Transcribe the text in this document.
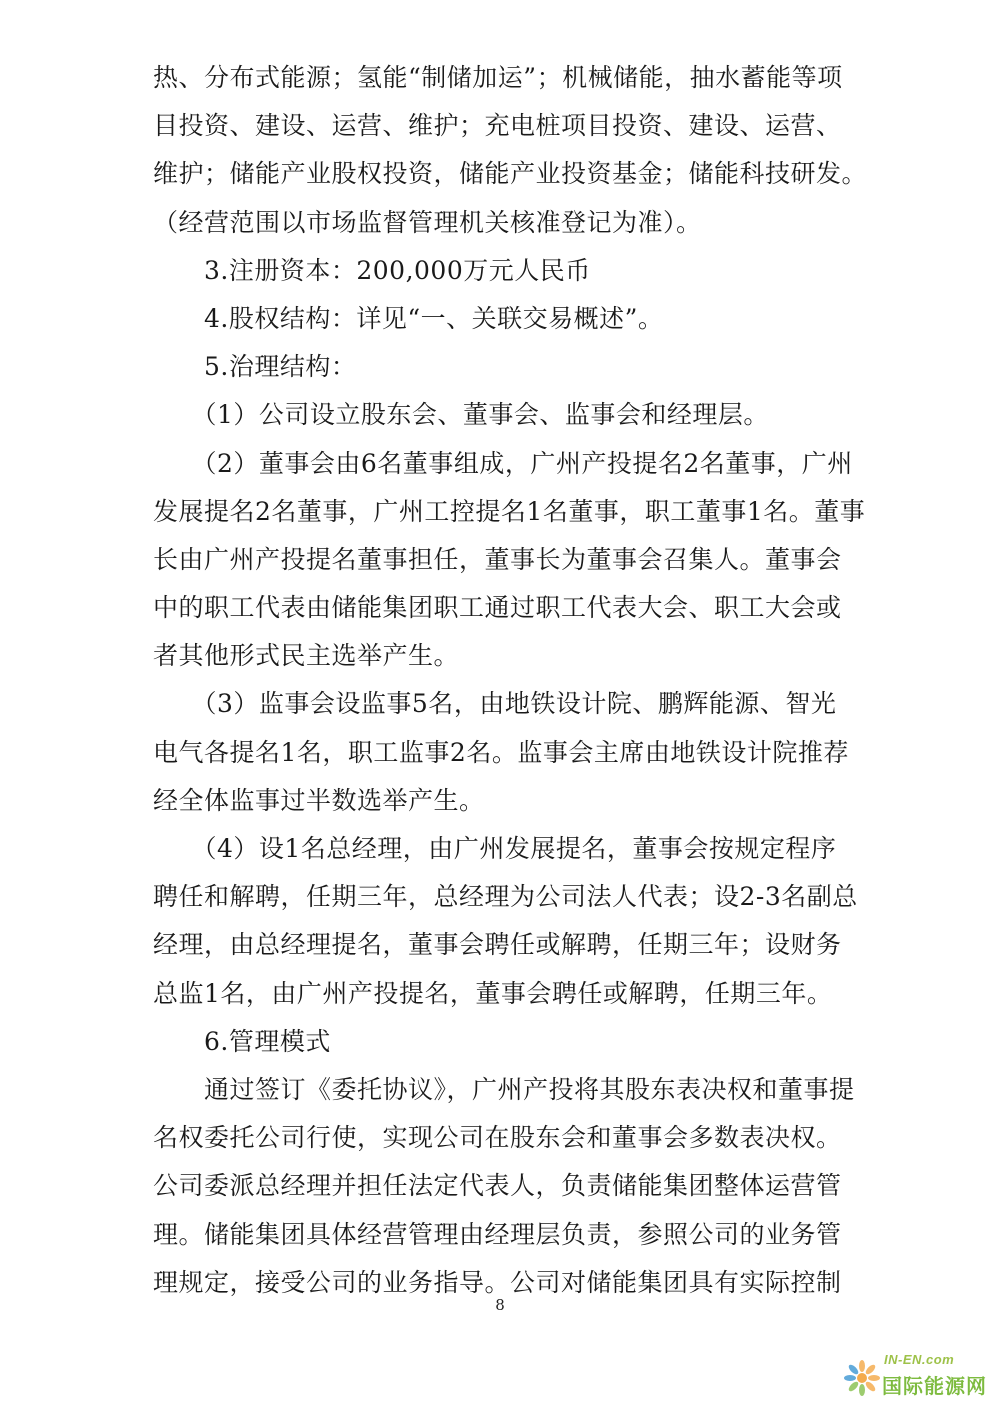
热、分布式能源；氢能“制储加运”；机械储能，抽水蓄能等项
目投资、建设、运营、维护；充电桩项目投资、建设、运营、
维护；储能产业股权投资，储能产业投资基金；储能科技研发。
（经营范围以市场监督管理机关核准登记为准）。
　　3.注册资本：200,000万元人民币
　　4.股权结构：详见“一、关联交易概述”。
　　5.治理结构：
　　（1）公司设立股东会、董事会、监事会和经理层。
　　（2）董事会由6名董事组成，广州产投提名2名董事，广州
发展提名2名董事，广州工控提名1名董事，职工董事1名。董事
长由广州产投提名董事担任，董事长为董事会召集人。董事会
中的职工代表由储能集团职工通过职工代表大会、职工大会或
者其他形式民主选举产生。
　　（3）监事会设监事5名，由地铁设计院、鹏辉能源、智光
电气各提名1名，职工监事2名。监事会主席由地铁设计院推荐
经全体监事过半数选举产生。
　　（4）设1名总经理，由广州发展提名，董事会按规定程序
聘任和解聘，任期三年，总经理为公司法人代表；设2-3名副总
经理，由总经理提名，董事会聘任或解聘，任期三年；设财务
总监1名，由广州产投提名，董事会聘任或解聘，任期三年。
　　6.管理模式
　　通过签订《委托协议》，广州产投将其股东表决权和董事提
名权委托公司行使，实现公司在股东会和董事会多数表决权。
公司委派总经理并担任法定代表人，负责储能集团整体运营管
理。储能集团具体经营管理由经理层负责，参照公司的业务管
理规定，接受公司的业务指导。公司对储能集团具有实际控制
8
IN-EN.com
国际能源网
